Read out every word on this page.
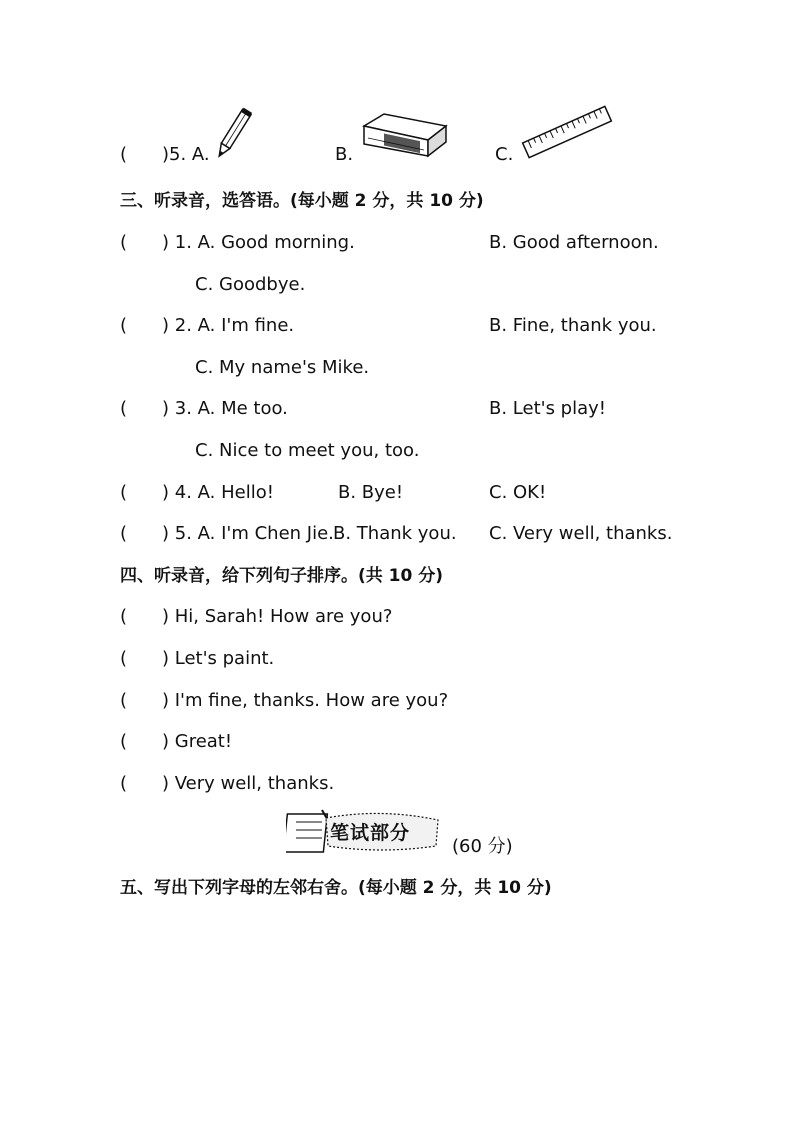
( )5. A.	B.	C.
三、听录音，选答语。(每小题 2 分，共 10 分)
( ) 1. A. Good morning.	B. Good afternoon.
C. Goodbye.
( ) 2. A. I'm fine.	B. Fine, thank you.
C. My name's Mike.
( ) 3. A. Me too.	B. Let's play!
C. Nice to meet you, too.
( ) 4. A. Hello!	B. Bye!	C. OK!
( ) 5. A. I'm Chen Jie. B. Thank you. C. Very well, thanks.
四、听录音，给下列句子排序。(共 10 分)
( ) Hi, Sarah! How are you?
( ) Let's paint.
( ) I'm fine, thanks. How are you?
( ) Great!
( ) Very well, thanks.
笔试部分
(60 分)
五、写出下列字母的左邻右舍。(每小题 2 分，共 10 分)
